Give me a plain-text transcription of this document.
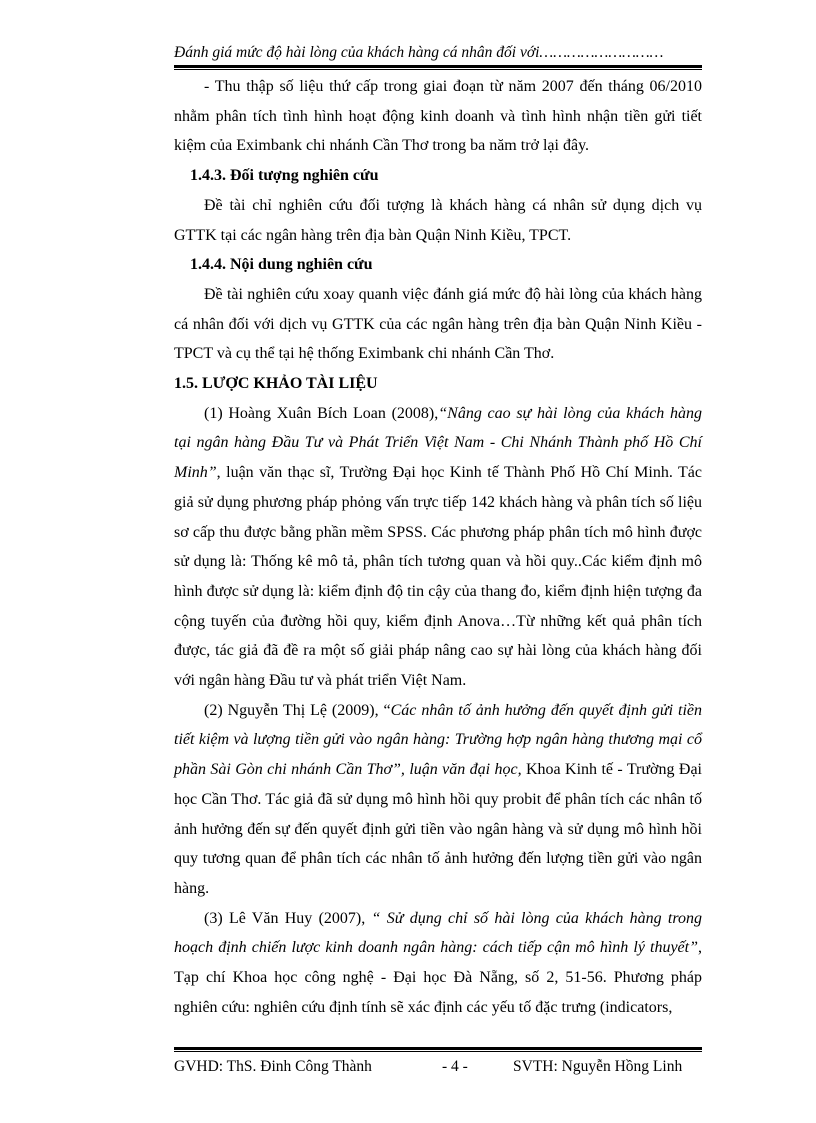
Đánh giá mức độ hài lòng của khách hàng cá nhân đối với………………………

- Thu thập số liệu thứ cấp trong giai đoạn từ năm 2007 đến tháng 06/2010 nhằm phân tích tình hình hoạt động kinh doanh và tình hình nhận tiền gửi tiết kiệm của Eximbank chi nhánh Cần Thơ trong ba năm trở lại đây.

1.4.3. Đối tượng nghiên cứu

Đề tài chỉ nghiên cứu đối tượng là khách hàng cá nhân sử dụng dịch vụ GTTK tại các ngân hàng trên địa bàn Quận Ninh Kiều, TPCT.

1.4.4. Nội dung nghiên cứu

Đề tài nghiên cứu xoay quanh việc đánh giá mức độ hài lòng của khách hàng cá nhân đối với dịch vụ GTTK của các ngân hàng trên địa bàn Quận Ninh Kiều - TPCT và cụ thể tại hệ thống Eximbank chi nhánh Cần Thơ.

1.5. LƯỢC KHẢO TÀI LIỆU

(1) Hoàng Xuân Bích Loan (2008),“Nâng cao sự hài lòng của khách hàng tại ngân hàng Đầu Tư và Phát Triển Việt Nam - Chi Nhánh Thành phố Hồ Chí Minh”, luận văn thạc sĩ, Trường Đại học Kinh tế Thành Phố Hồ Chí Minh. Tác giả sử dụng phương pháp phỏng vấn trực tiếp 142 khách hàng và phân tích số liệu sơ cấp thu được bằng phần mềm SPSS. Các phương pháp phân tích mô hình được sử dụng là: Thống kê mô tả, phân tích tương quan và hồi quy..Các kiểm định mô hình được sử dụng là: kiểm định độ tin cậy của thang đo, kiểm định hiện tượng đa cộng tuyến của đường hồi quy, kiểm định Anova…Từ những kết quả phân tích được, tác giả đã đề ra một số giải pháp nâng cao sự hài lòng của khách hàng đối với ngân hàng Đầu tư và phát triển Việt Nam.

(2) Nguyễn Thị Lệ (2009), “Các nhân tố ảnh hưởng đến quyết định gửi tiền tiết kiệm và lượng tiền gửi vào ngân hàng: Trường hợp ngân hàng thương mại cổ phần Sài Gòn chi nhánh Cần Thơ”, luận văn đại học, Khoa Kinh tế - Trường Đại học Cần Thơ. Tác giả đã sử dụng mô hình hồi quy probit để phân tích các nhân tố ảnh hưởng đến sự đến quyết định gửi tiền vào ngân hàng và sử dụng mô hình hồi quy tương quan để phân tích các nhân tố ảnh hưởng đến lượng tiền gửi vào ngân hàng.

(3) Lê Văn Huy (2007), “ Sử dụng chỉ số hài lòng của khách hàng trong hoạch định chiến lược kinh doanh ngân hàng: cách tiếp cận mô hình lý thuyết”, Tạp chí Khoa học công nghệ - Đại học Đà Nẵng, số 2, 51-56. Phương pháp nghiên cứu: nghiên cứu định tính sẽ xác định các yếu tố đặc trưng (indicators,

GVHD: ThS. Đinh Công Thành	- 4 -	SVTH: Nguyễn Hồng Linh
